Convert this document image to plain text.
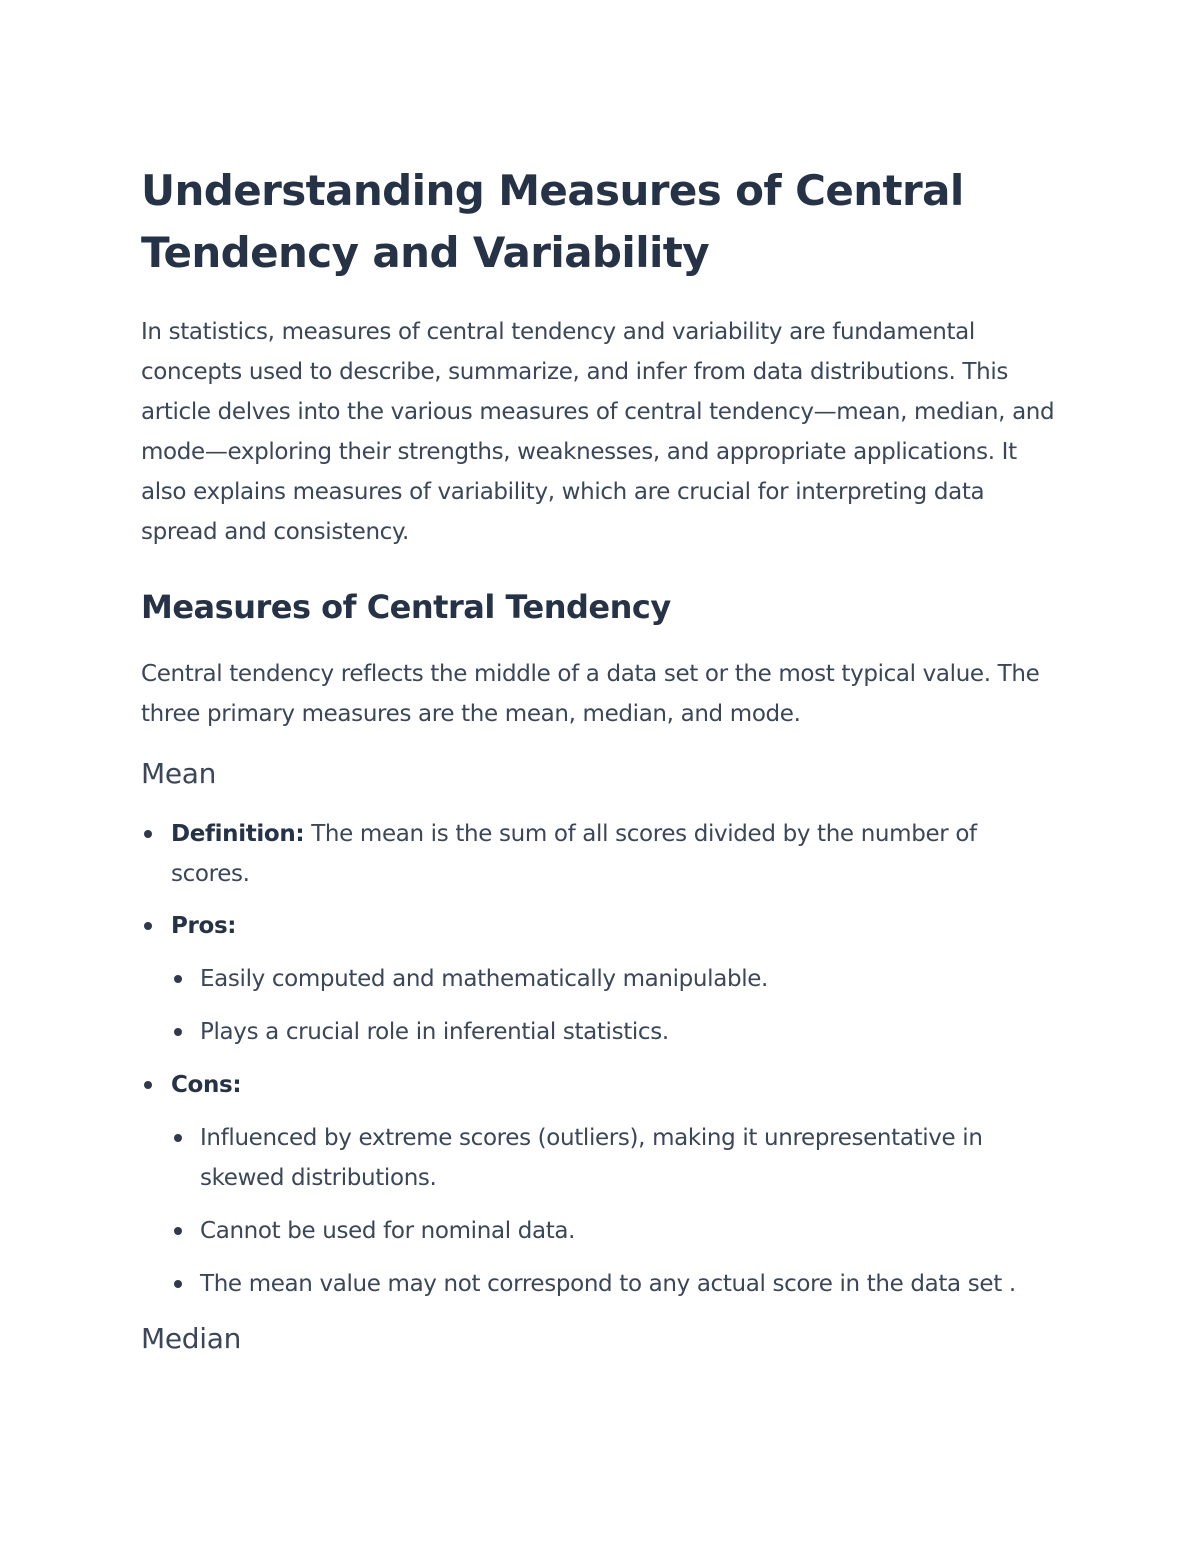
Understanding Measures of Central Tendency and Variability

In statistics, measures of central tendency and variability are fundamental concepts used to describe, summarize, and infer from data distributions. This article delves into the various measures of central tendency—mean, median, and mode—exploring their strengths, weaknesses, and appropriate applications. It also explains measures of variability, which are crucial for interpreting data spread and consistency.

Measures of Central Tendency

Central tendency reflects the middle of a data set or the most typical value. The three primary measures are the mean, median, and mode.

Mean
Definition: The mean is the sum of all scores divided by the number of scores.
Pros:
Easily computed and mathematically manipulable.
Plays a crucial role in inferential statistics.
Cons:
Influenced by extreme scores (outliers), making it unrepresentative in skewed distributions.
Cannot be used for nominal data.
The mean value may not correspond to any actual score in the data set .
Median
